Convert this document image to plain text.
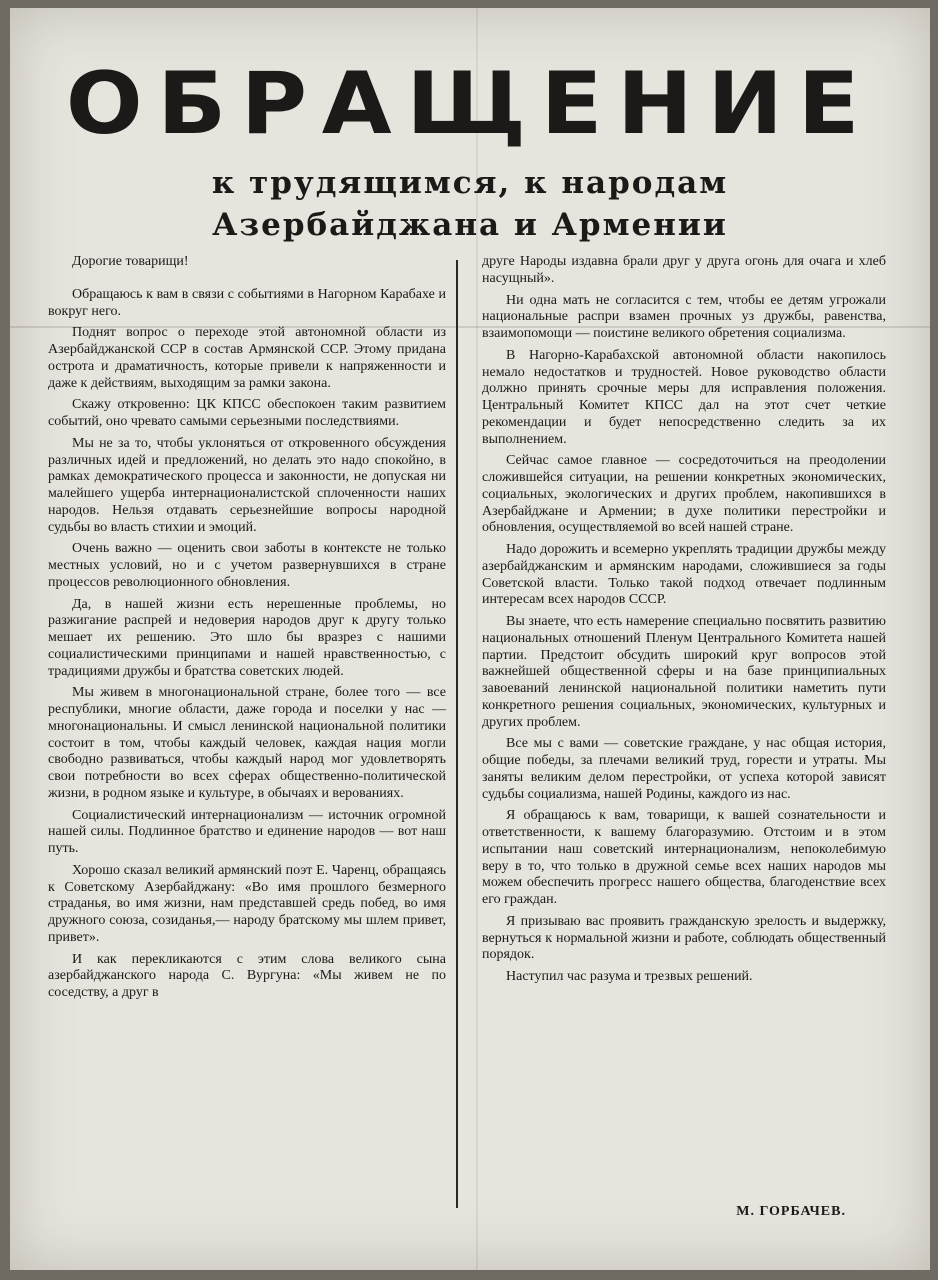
ОБРАЩЕНИЕ
к трудящимся, к народам
Азербайджана и Армении

Дорогие товарищи!

Обращаюсь к вам в связи с событиями в Нагорном Карабахе и вокруг него.

Поднят вопрос о переходе этой автономной области из Азербайджанской ССР в состав Армянской ССР. Этому придана острота и драматичность, которые привели к напряженности и даже к действиям, выходящим за рамки закона.

Скажу откровенно: ЦК КПСС обеспокоен таким развитием событий, оно чревато самыми серьезными последствиями.

Мы не за то, чтобы уклоняться от откровенного обсуждения различных идей и предложений, но делать это надо спокойно, в рамках демократического процесса и законности, не допуская ни малейшего ущерба интернационалистской сплоченности наших народов. Нельзя отдавать серьезнейшие вопросы народной судьбы во власть стихии и эмоций.

Очень важно — оценить свои заботы в контексте не только местных условий, но и с учетом развернувшихся в стране процессов революционного обновления.

Да, в нашей жизни есть нерешенные проблемы, но разжигание распрей и недоверия народов друг к другу только мешает их решению. Это шло бы вразрез с нашими социалистическими принципами и нашей нравственностью, с традициями дружбы и братства советских людей.

Мы живем в многонациональной стране, более того — все республики, многие области, даже города и поселки у нас — многонациональны. И смысл ленинской национальной политики состоит в том, чтобы каждый человек, каждая нация могли свободно развиваться, чтобы каждый народ мог удовлетворять свои потребности во всех сферах общественно-политической жизни, в родном языке и культуре, в обычаях и верованиях.

Социалистический интернационализм — источник огромной нашей силы. Подлинное братство и единение народов — вот наш путь.

Хорошо сказал великий армянский поэт Е. Чаренц, обращаясь к Советскому Азербайджану: «Во имя прошлого безмерного страданья, во имя жизни, нам представшей средь побед, во имя дружного союза, созиданья,— народу братскому мы шлем привет, привет».

И как перекликаются с этим слова великого сына азербайджанского народа С. Вургуна: «Мы живем не по соседству, а друг в

друге Народы издавна брали друг у друга огонь для очага и хлеб насущный».

Ни одна мать не согласится с тем, чтобы ее детям угрожали национальные распри взамен прочных уз дружбы, равенства, взаимопомощи — поистине великого обретения социализма.

В Нагорно-Карабахской автономной области накопилось немало недостатков и трудностей. Новое руководство области должно принять срочные меры для исправления положения. Центральный Комитет КПСС дал на этот счет четкие рекомендации и будет непосредственно следить за их выполнением.

Сейчас самое главное — сосредоточиться на преодолении сложившейся ситуации, на решении конкретных экономических, социальных, экологических и других проблем, накопившихся в Азербайджане и Армении; в духе политики перестройки и обновления, осуществляемой во всей нашей стране.

Надо дорожить и всемерно укреплять традиции дружбы между азербайджанским и армянским народами, сложившиеся за годы Советской власти. Только такой подход отвечает подлинным интересам всех народов СССР.

Вы знаете, что есть намерение специально посвятить развитию национальных отношений Пленум Центрального Комитета нашей партии. Предстоит обсудить широкий круг вопросов этой важнейшей общественной сферы и на базе принципиальных завоеваний ленинской национальной политики наметить пути конкретного решения социальных, экономических, культурных и других проблем.

Все мы с вами — советские граждане, у нас общая история, общие победы, за плечами великий труд, горести и утраты. Мы заняты великим делом перестройки, от успеха которой зависят судьбы социализма, нашей Родины, каждого из нас.

Я обращаюсь к вам, товарищи, к вашей сознательности и ответственности, к вашему благоразумию. Отстоим и в этом испытании наш советский интернационализм, непоколебимую веру в то, что только в дружной семье всех наших народов мы можем обеспечить прогресс нашего общества, благоденствие всех его граждан.

Я призываю вас проявить гражданскую зрелость и выдержку, вернуться к нормальной жизни и работе, соблюдать общественный порядок.

Наступил час разума и трезвых решений.

М. ГОРБАЧЕВ.
